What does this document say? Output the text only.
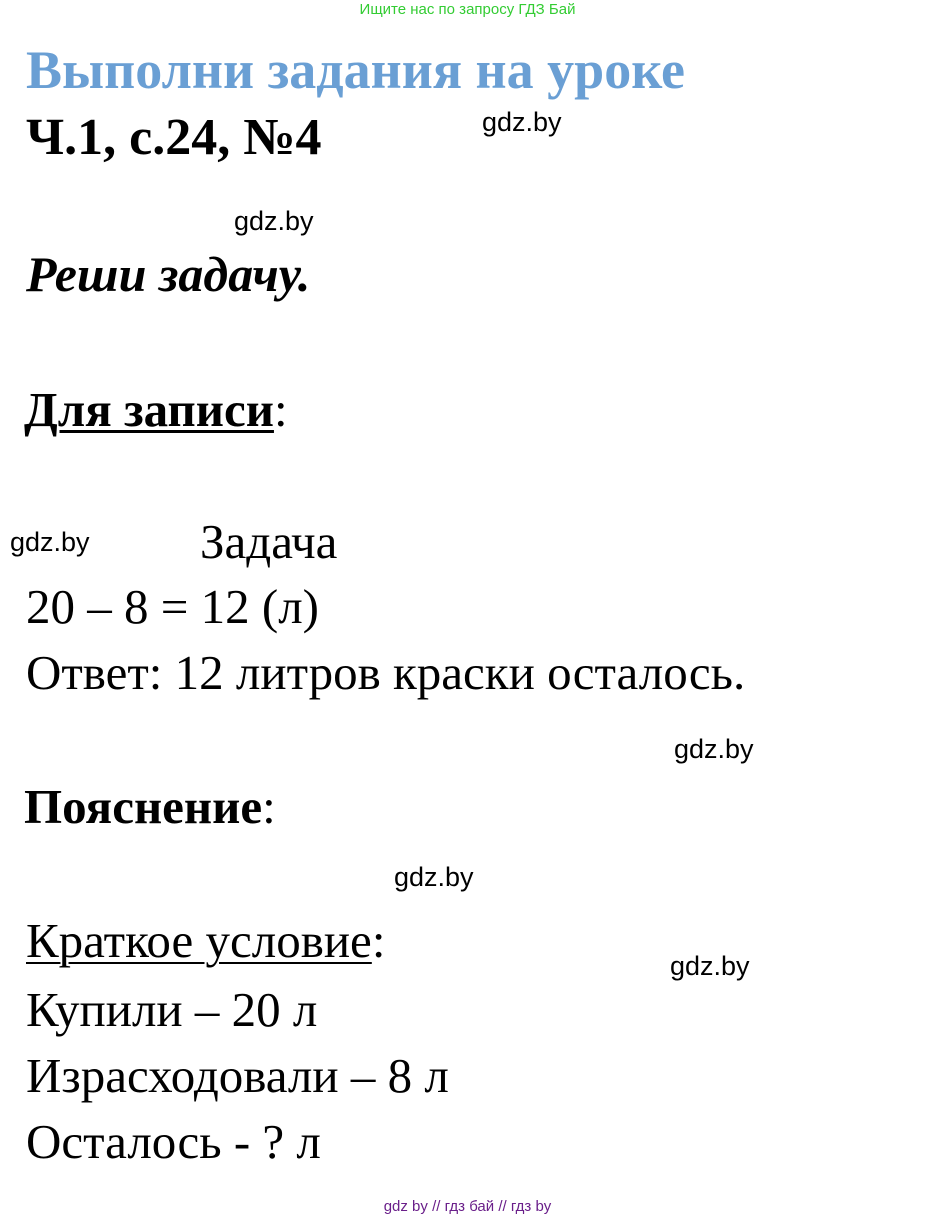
Ищите нас по запросу ГДЗ Бай
Выполни задания на уроке
Ч.1, с.24, №4	gdz.by
gdz.by
Реши задачу.
Для записи:
gdz.by Задача
20 – 8 = 12 (л)
Ответ: 12 литров краски осталось.
gdz.by
Пояснение:
gdz.by
Краткое условие:	gdz.by
Купили – 20 л
Израсходовали – 8 л
Осталось - ? л
gdz by // гдз бай // гдз by
